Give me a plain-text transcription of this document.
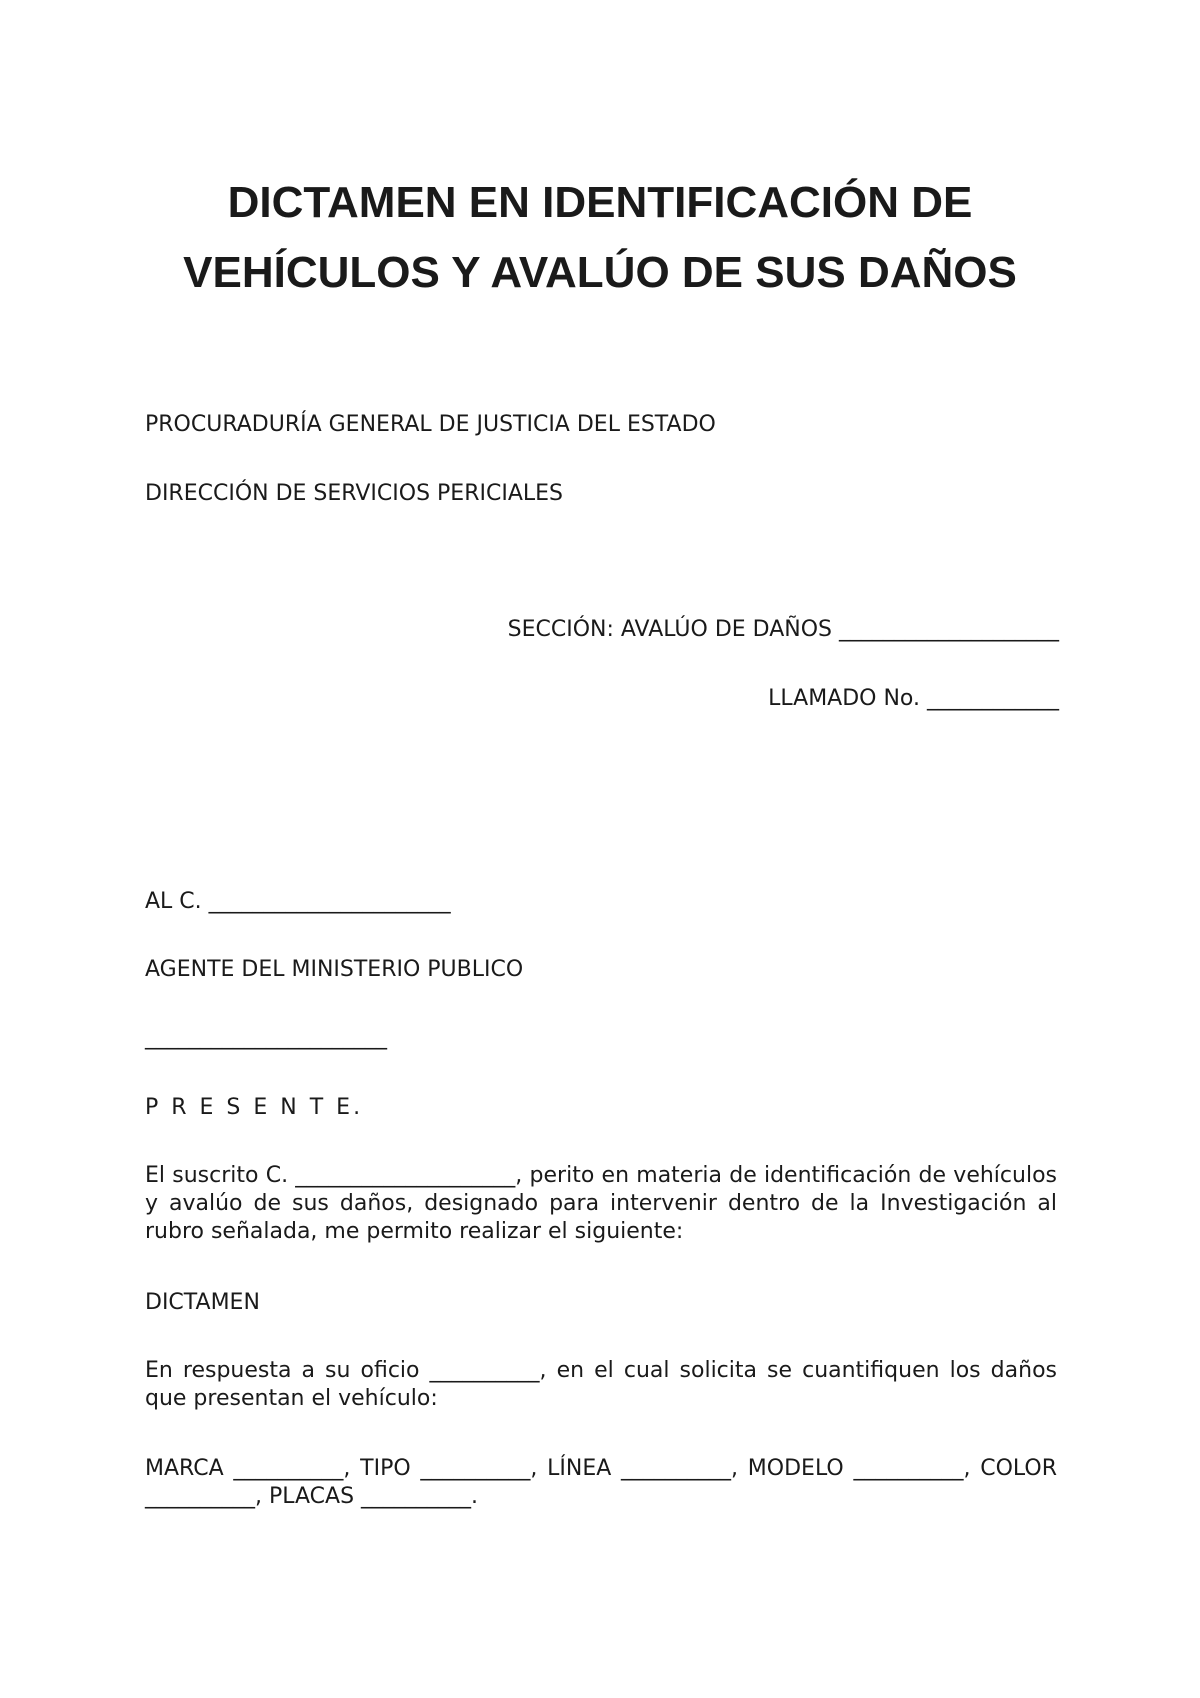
DICTAMEN EN IDENTIFICACIÓN DE
VEHÍCULOS Y AVALÚO DE SUS DAÑOS

PROCURADURÍA GENERAL DE JUSTICIA DEL ESTADO

DIRECCIÓN DE SERVICIOS PERICIALES

SECCIÓN: AVALÚO DE DAÑOS ____________________
LLAMADO No. ____________

AL C. ______________________

AGENTE DEL MINISTERIO PUBLICO

______________________

P R E S E N T E.

El suscrito C. ____________________, perito en materia de identificación de vehículos y avalúo de sus daños, designado para intervenir dentro de la Investigación al rubro señalada, me permito realizar el siguiente:

DICTAMEN

En respuesta a su oficio __________, en el cual solicita se cuantifiquen los daños que presentan el vehículo:

MARCA __________, TIPO __________, LÍNEA __________, MODELO __________, COLOR __________, PLACAS __________.
